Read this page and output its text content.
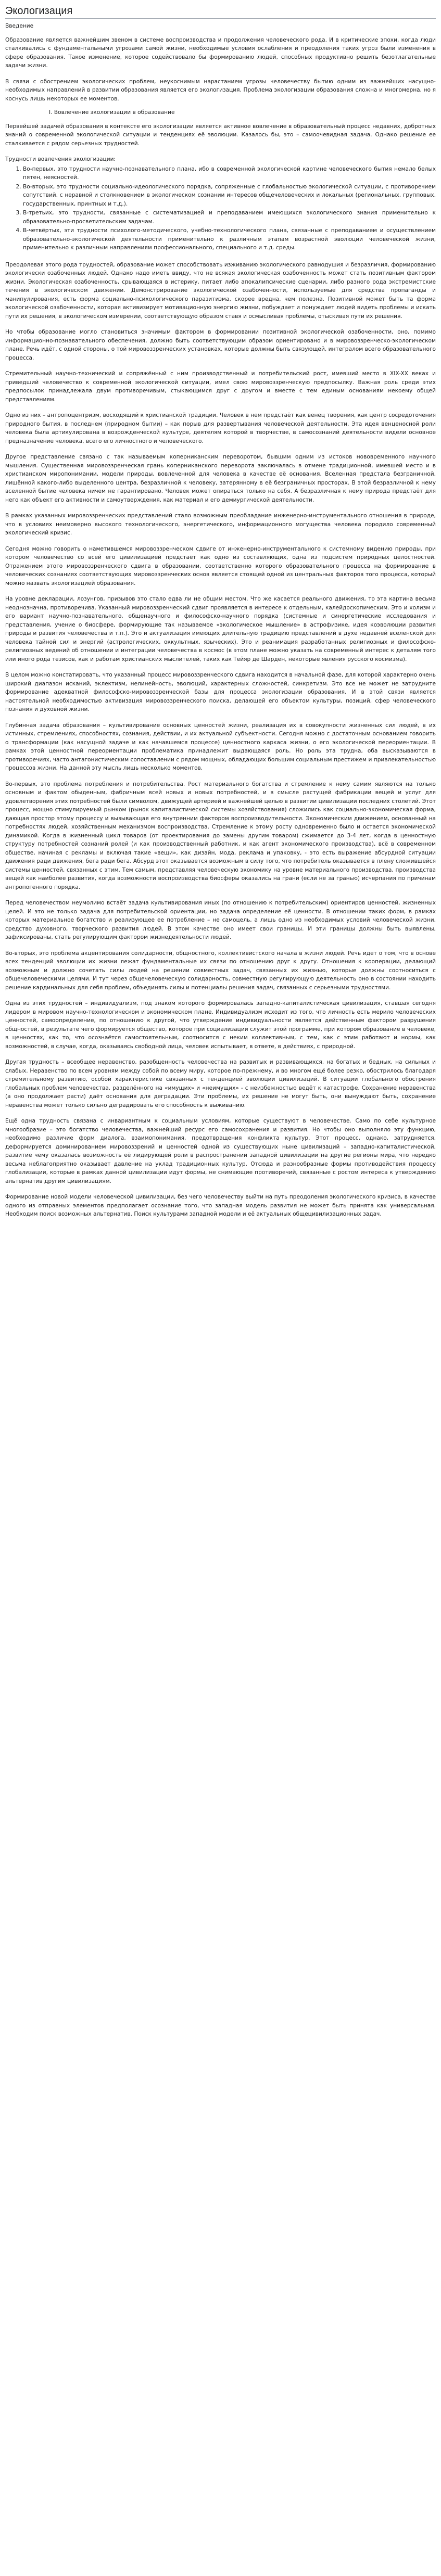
Экологизация
Введение

Образование является важнейшим звеном в системе воспроизводства и продолжения человеческого рода. И в критические эпохи, когда люди сталкивались с фундаментальными угрозами самой жизни, необходимые условия ослабления и преодоления таких угроз были изменения в сфере образования. Такое изменение, которое содействовало бы формированию людей, способных продуктивно решить безотлагательные задачи жизни.

В связи с обострением экологических проблем, неукоснимым нарастанием угрозы человечеству бытию одним из важнейших насущно-необходимых направлений в развитии образования является его экологизация. Проблема экологизации образования сложна и многомерна, но я коснусь лишь некоторых ее моментов.

I. Вовлечение экологизации в образование

Первейшей задачей образования в контексте его экологизации является активное вовлечение в образовательный процесс недавних, добротных знаний о современной экологической ситуации и тенденциях её эволюции. Казалось бы, это – самоочевидная задача. Однако решение ее сталкивается с рядом серьезных трудностей.

Трудности вовлечения экологизации:
1. Во-первых, это трудности научно-познавательного плана, ибо в современной экологической картине человеческого бытия немало белых пятен, неясностей.
2. Во-вторых, это трудности социально-идеологического порядка, сопряженные с глобальностью экологической ситуации, с противоречием сопутствий, с неравной и столкновением в экологическом сознании интересов общечеловеческих и локальных (региональных, групповых, государственных, принтных и т.д.).
3. В-третьих, это трудности, связанные с систематизацией и преподаванием имеющихся экологического знания применительно к образовательно-просветительским задачам.
4. В-четвёртых, эти трудности психолого-методического, учебно-технологического плана, связанные с преподаванием и осуществлением образовательно-экологической деятельности применительно к различным этапам возрастной эволюции человеческой жизни, применительно к различным направлениям профессионального, специального и т.д. среды.

Преодолевая этого рода трудностей, образование может способствовать изживанию экологического равнодушия и безразличия, формированию экологически озабоченных людей. Однако надо иметь ввиду, что не всякая экологическая озабоченность может стать позитивным фактором жизни. Экологическая озабоченность, срывающаяся в истерику, питает либо апокалипсические сценарии, либо разного рода экстремистские течения в экологическом движении. Демонстрирование экологической озабоченности, используемые для средства пропаганды и манипулирования, есть форма социально-психологического паразитизма, скорее вредна, чем полезна. Позитивной может быть та форма экологической озабоченности, которая активизирует мотивационную энергию жизни, побуждает и понуждает людей видеть проблемы и искать пути их решения, в экологическом измерении, соответствующую образом ставя и осмысливая проблемы, отыскивая пути их решения.

Но чтобы образование могло становиться значимым фактором в формировании позитивной экологической озабоченности, оно, помимо информационно-познавательного обеспечения, должно быть соответствующим образом ориентировано и в мировоззренческо-экологическом плане. Речь идёт, с одной стороны, о той мировоззренческих установках, которые должны быть связующей, интегралом всего образовательного процесса.

Стремительный научно-технический и сопряжённый с ним производственный и потребительский рост, имевший место в XIX-XX веках и приведший человечество к современной экологической ситуации, имел свою мировоззренческую предпосылку. Важная роль среди этих предпосылок принадлежала двум противоречивым, стыкающимся друг с другом и вместе с тем единым основаниям некоему общей представлениям.

Одно из них – антропоцентризм, восходящий к христианской традиции. Человек в нем предстаёт как венец творения, как центр сосредоточения природного бытия, в последнем (природном бытии) – как порыв для развертывания человеческой деятельности. Эта идея венценосной роли человека была артикулирована в возрожденческой культуре, деятелям которой в творчестве, в самосознаний деятельности видели основное предназначение человека, всего его личностного и человеческого.

Другое представление связано с так называемым коперниканским переворотом, бывшим одним из истоков нововременного научного мышления. Существенная мировоззренческая грань коперниканского переворота заключалась в отмене традиционной, имевшей место и в христианском миропонимании, модели природы, вовлеченной для человека в качестве её основания. Вселенная предстала безграничной, лишённой какого-либо выделенного центра, безразличной к человеку, затерянному в её безграничных просторах. В этой безразличной к нему вселенной бытие человека ничем не гарантировано. Человек может опираться только на себя. А безразличная к нему природа предстаёт для него как объект его активности и самоутверждения, как материал и его демиургической деятельности.

В рамках указанных мировоззренческих представлений стало возможным преобладание инженерно-инструментального отношения в природе, что в условиях неимоверно высокого технологического, энергетического, информационного могущества человека породило современный экологический кризис.

Сегодня можно говорить о наметившемся мировоззренческом сдвиге от инженерно-инструментального к системному видению природы, при котором человечество со всей его цивилизацией предстаёт как одно из составляющих, одна из подсистем природных целостностей. Отражением этого мировоззренческого сдвига в образовании, соответственно которого образовательного процесса на формирование в человеческих сознаниях соответствующих мировоззренческих основ является стоящей одной из центральных факторов того процесса, который можно назвать экологизацией образования.

На уровне декларации, лозунгов, призывов это стало едва ли не общим местом. Что же касается реального движения, то эта картина весьма неоднозначна, противоречива. Указанный мировоззренческий сдвиг проявляется в интересе к отдельным, калейдоскопическим. Это и холизм и его вариант научно-познавательного, общенаучного и философско-научного порядка (системные и синергетические исследования и представления, учение о биосфере, формирующие так называемое «экологическое мышление» в астрофизике, идея коэволюции развития природы и развития человечества и т.п.). Это и актуализация имеющих длительную традицию представлений в духе недавней вселенской для человека тайной сил и энергий (астрологических, оккультных, языческих). Это и реанимация разработанных религиозных и философско-религиозных ведений об отношении и интеграции человечества в космос (в этом плане можно указать на современный интерес к деталям того или иного рода тезисов, как и работам христианских мыслителей, таких как Тейяр де Шарден, некоторые явления русского космизма).

В целом можно констатировать, что указанный процесс мировоззренческого сдвига находится в начальной фазе, для которой характерно очень широкий диапазон исканий, эклектизм, нелинейность, эволюций, характерных сложностей, синкретизм. Это все не может не затрудните формирование адекватной философско-мировоззренческой базы для процесса экологизации образования. И в этой связи является настоятельной необходимостью активизация мировоззренческого поиска, делающей его объектом культуры, позиций, сфер человеческого познания и духовной жизни.

Глубинная задача образования – культивирование основных ценностей жизни, реализация их в совокупности жизненных сил людей, в их истинных, стремлениях, способностях, сознания, действии, и их актуальной субъектности. Сегодня можно с достаточным основанием говорить о трансформации (как насущной задаче и как начавшемся процессе) ценностного каркаса жизни, о его экологической переориентации. В рамках этой ценностной переориентации проблематика принадлежит выдающаяся роль. Но роль эта трудна, оба высказываются в противоречиях, часто антагонистическим сопоставлении с рядом мощных, обладающих большим социальным престижем и привлекательностью процессов жизни. На данной эту мысль лишь несколько моментов.

Во-первых, это проблема потребления и потребительства. Рост материального богатства и стремление к нему самим являются на только основным и фактом обыденным, фабричным всей новых и новых потребностей, и в смысле растущей фабрикации вещей и услуг для удовлетворения этих потребностей были символом, движущей артерией и важнейшей целью в развитии цивилизации последних столетий. Этот процесс, мощно стимулируемый рынком (рынок капиталистической системы хозяйствования) сложились как социально-экономическая форма, дающая простор этому процессу и вызывающая его внутренним фактором воспроизводительности. Экономическим движением, основанный на потребностях людей, хозяйственным механизмом воспроизводства. Стремление к этому росту одновременно было и остается экономической динамикой. Когда в жизненный цикл товаров (от проектирования до замены другим товаром) сжимается до 3-4 лет, когда в ценностную структуру потребностей сознаний ролей (и как производственный работник, и как агент экономического производства), всё в современном обществе, начиная с рекламы и включая такие «вещи», как дизайн, мода, реклама и упаковку, - это есть выражение абсурдной ситуации движения ради движения, бега ради бега. Абсурд этот оказывается возможным в силу того, что потребитель оказывается в плену сложившейся системы ценностей, связанных с этим. Тем самым, представляя человеческую экономику на уровне материального производства, производства вещей как наиболее развития, когда возможности воспроизводства биосферы оказались на грани (если не за гранью) исчерпания по причинам антропогенного порядка.

Перед человечеством неумолимо встаёт задача культивирования иных (по отношению к потребительским) ориентиров ценностей, жизненных целей. И это не только задача для потребительской ориентации, но задача определение её ценности. В отношении таких форм, в рамках которых материальное богатство и реализующее ее потребление – не самоцель, а лишь одно из необходимых условий человеческой жизни, средство духовного, творческого развития людей. В этом качестве оно имеет свои границы. И эти границы должны быть выявлены, зафиксированы, стать регулирующим фактором жизнедеятельности людей.

Во-вторых, это проблема акцентирования солидарности, общностного, коллективистского начала в жизни людей. Речь идет о том, что в основе всех тенденций эволюции их жизни лежат фундаментальные их связи по отношению друг к другу. Отношения к кооперации, делающий возможным и должно сочетать силы людей на решении совместных задач, связанных их жизнью, которые должны соотноситься с общечеловеческими целями. И тут через общечеловеческую солидарность, совместную регулирующую деятельность оно в состоянии находить решение кардинальных для себя проблем, объединять силы и потенциалы решения задач, связанных с серьезными трудностями.

Одна из этих трудностей – индивидуализм, под знаком которого формировалась западно-капиталистическая цивилизация, ставшая сегодня лидером в мировом научно-технологическом и экономическом плане. Индивидуализм исходит из того, что личность есть мерило человеческих ценностей, самоопределение, по отношению к другой, что утверждение индивидуальности является действенным фактором разрушения общностей, в результате чего формируется общество, которое при социализации служит этой программе, при котором образование в человеке, в ценностях, как то, что осознаётся самостоятельным, соотносится с неким коллективным, с тем, как с этим работают и нормы, как возможностей, в случае, когда, оказываясь свободной лица, человек испытывает, в ответе, в действиях, с природной.

Другая трудность – всеобщее неравенство, разобщенность человечества на развитых и развивающихся, на богатых и бедных, на сильных и слабых. Неравенство по всем уровням между собой по всему миру, которое по-прежнему, и во многом ещё более резко, обострилось благодаря стремительному развитию, особой характеристике связанных с тенденцией эволюции цивилизаций. В ситуации глобального обострения глобальных проблем человечества, разделённого на «имущих» и «неимущих» - с неизбежностью ведёт к катастрофе. Сохранение неравенства (а оно продолжает расти) даёт основания для деградации. Эти проблемы, их решение не могут быть, они вынуждают быть, сохранение неравенства может только сильно деградировать его способность к выживанию.

Ещё одна трудность связана с инвариантным к социальным условиям, которые существуют в человечестве. Само по себе культурное многообразие – это богатство человечества, важнейший ресурс его самосохранения и развития. Но чтобы оно выполняло эту функцию, необходимо различие форм диалога, взаимопонимания, предотвращения конфликта культур. Этот процесс, однако, затрудняется, деформируется доминированием мировоззрений и ценностей одной из существующих ныне цивилизаций – западно-капиталистической, развитие чему оказалась возможность её лидирующей роли в распространении западной цивилизации на другие регионы мира, что нередко весьма неблагоприятно оказывает давление на уклад традиционных культур. Отсюда и разнообразные формы противодействия процессу глобализации, которые в рамках данной цивилизации идут формы, не снимающие противоречий, связанные с ростом интереса к утверждению альтернатив другим цивилизациям.

Формирование новой модели человеческой цивилизации, без чего человечеству выйти на путь преодоления экологического кризиса, в качестве одного из отправных элементов предполагает осознание того, что западная модель развития не может быть принята как универсальная. Необходим поиск возможных альтернатив. Поиск культурами западной модели и её актуальных общецивилизационных задач.
